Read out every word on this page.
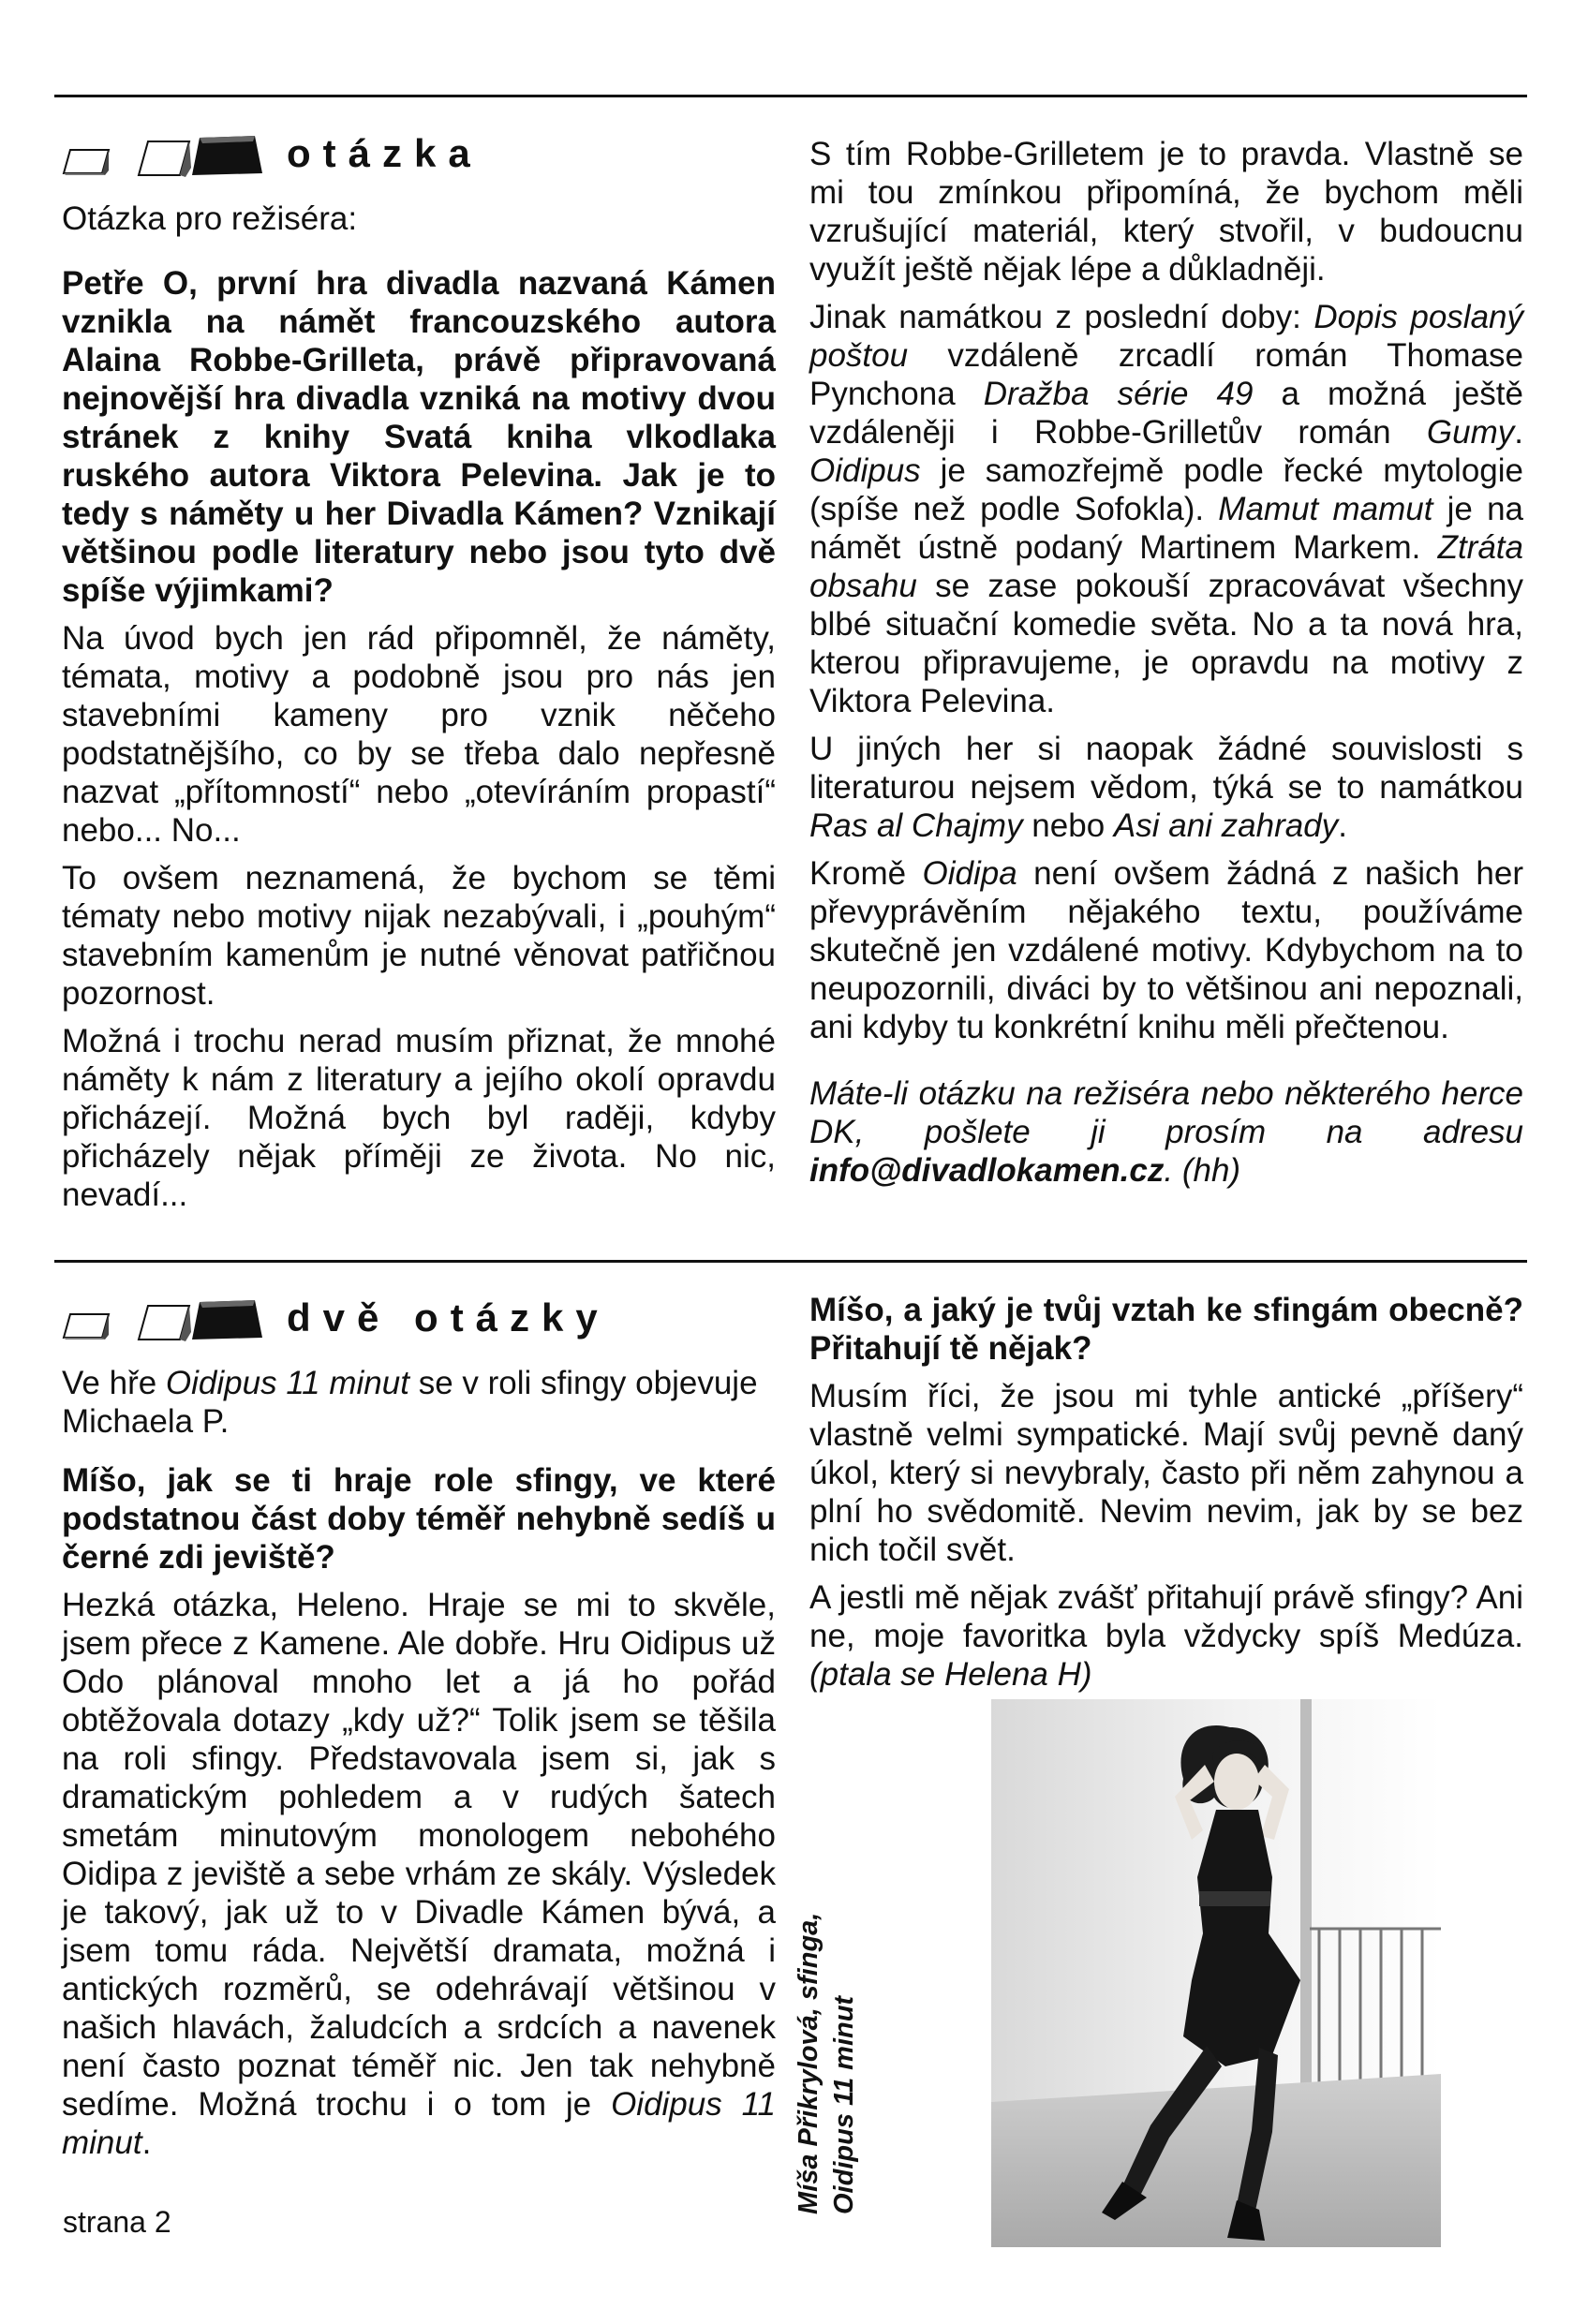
otázka

Otázka pro režiséra:

Petře O, první hra divadla nazvaná Kámen vznikla na námět francouzského autora Alaina Robbe-Grilleta, právě připravovaná nejnovější hra divadla vzniká na motivy dvou stránek z knihy Svatá kniha vlkodlaka ruského autora Viktora Pelevina. Jak je to tedy s náměty u her Divadla Kámen? Vznikají většinou podle literatury nebo jsou tyto dvě spíše výjimkami?

Na úvod bych jen rád připomněl, že náměty, témata, motivy a podobně jsou pro nás jen stavebními kameny pro vznik něčeho podstatnějšího, co by se třeba dalo nepřesně nazvat „přítomností“ nebo „otevíráním propastí“ nebo... No...

To ovšem neznamená, že bychom se těmi tématy nebo motivy nijak nezabývali, i „pouhým“ stavebním kamenům je nutné věnovat patřičnou pozornost.

Možná i trochu nerad musím přiznat, že mnohé náměty k nám z literatury a jejího okolí opravdu přicházejí. Možná bych byl raději, kdyby přicházely nějak příměji ze života. No nic, nevadí...

S tím Robbe-Grilletem je to pravda. Vlastně se mi tou zmínkou připomíná, že bychom měli vzrušující materiál, který stvořil, v budoucnu využít ještě nějak lépe a důkladněji.

Jinak namátkou z poslední doby: Dopis poslaný poštou vzdáleně zrcadlí román Thomase Pynchona Dražba série 49 a možná ještě vzdáleněji i Robbe-Grilletův román Gumy. Oidipus je samozřejmě podle řecké mytologie (spíše než podle Sofokla). Mamut mamut je na námět ústně podaný Martinem Markem. Ztráta obsahu se zase pokouší zpracovávat všechny blbé situační komedie světa. No a ta nová hra, kterou připravujeme, je opravdu na motivy z Viktora Pelevina.

U jiných her si naopak žádné souvislosti s literaturou nejsem vědom, týká se to namátkou Ras al Chajmy nebo Asi ani zahrady.

Kromě Oidipa není ovšem žádná z našich her převyprávěním nějakého textu, používáme skutečně jen vzdálené motivy. Kdybychom na to neupozornili, diváci by to většinou ani nepoznali, ani kdyby tu konkrétní knihu měli přečtenou.

Máte-li otázku na režiséra nebo některého herce DK, pošlete ji prosím na adresu info@divadlokamen.cz. (hh)

dvě otázky

Ve hře Oidipus 11 minut se v roli sfingy objevuje Michaela P.

Míšo, jak se ti hraje role sfingy, ve které podstatnou část doby téměř nehybně sedíš u černé zdi jeviště?

Hezká otázka, Heleno. Hraje se mi to skvěle, jsem přece z Kamene. Ale dobře. Hru Oidipus už Odo plánoval mnoho let a já ho pořád obtěžovala dotazy „kdy už?“ Tolik jsem se těšila na roli sfingy. Představovala jsem si, jak s dramatickým pohledem a v rudých šatech smetám minutovým monologem nebohého Oidipa z jeviště a sebe vrhám ze skály. Výsledek je takový, jak už to v Divadle Kámen bývá, a jsem tomu ráda. Největší dramata, možná i antických rozměrů, se odehrávají většinou v našich hlavách, žaludcích a srdcích a navenek není často poznat téměř nic. Jen tak nehybně sedíme. Možná trochu i o tom je Oidipus 11 minut.

Míšo, a jaký je tvůj vztah ke sfingám obecně? Přitahují tě nějak?

Musím říci, že jsou mi tyhle antické „příšery“ vlastně velmi sympatické. Mají svůj pevně daný úkol, který si nevybraly, často při něm zahynou a plní ho svědomitě. Nevim nevim, jak by se bez nich točil svět.

A jestli mě nějak zvášť přitahují právě sfingy? Ani ne, moje favoritka byla vždycky spíš Medúza. (ptala se Helena H)

Míša Přikrylová, sfinga, Oidipus 11 minut
strana 2
